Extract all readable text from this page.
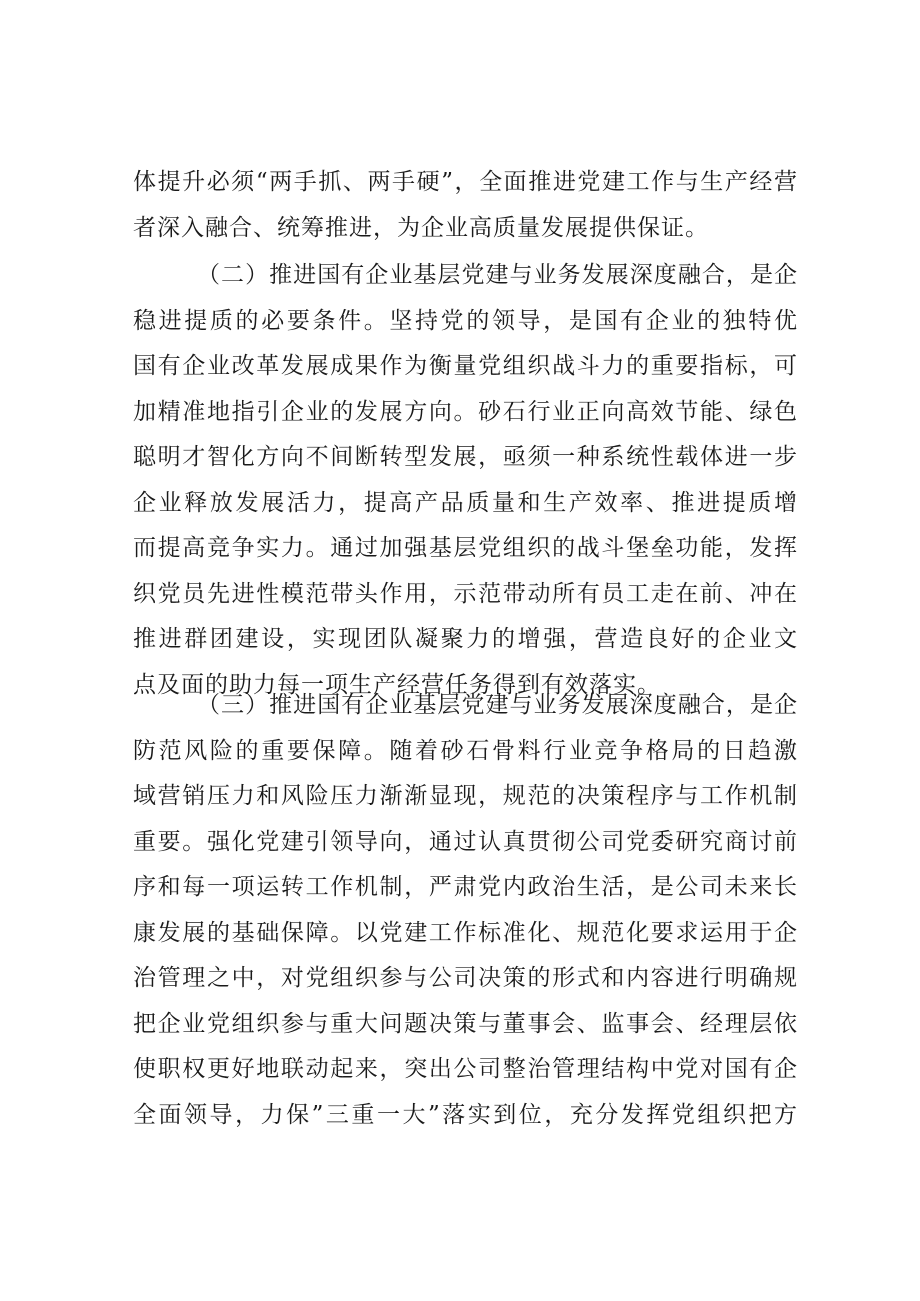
体提升必须“两手抓、两手硬”，全面推进党建工作与生产经营
者深入融合、统筹推进，为企业高质量发展提供保证。
（二）推进国有企业基层党建与业务发展深度融合，是企
稳进提质的必要条件。坚持党的领导，是国有企业的独特优
国有企业改革发展成果作为衡量党组织战斗力的重要指标，可
加精准地指引企业的发展方向。砂石行业正向高效节能、绿色
聪明才智化方向不间断转型发展，亟须一种系统性载体进一步
企业释放发展活力，提高产品质量和生产效率、推进提质增
而提高竞争实力。通过加强基层党组织的战斗堡垒功能，发挥
织党员先进性模范带头作用，示范带动所有员工走在前、冲在
推进群团建设，实现团队凝聚力的增强，营造良好的企业文
点及面的助力每一项生产经营任务得到有效落实。
（三）推进国有企业基层党建与业务发展深度融合，是企
防范风险的重要保障。随着砂石骨料行业竞争格局的日趋激
域营销压力和风险压力渐渐显现，规范的决策程序与工作机制
重要。强化党建引领导向，通过认真贯彻公司党委研究商讨前
序和每一项运转工作机制，严肃党内政治生活，是公司未来长
康发展的基础保障。以党建工作标准化、规范化要求运用于企
治管理之中，对党组织参与公司决策的形式和内容进行明确规
把企业党组织参与重大问题决策与董事会、监事会、经理层依
使职权更好地联动起来，突出公司整治管理结构中党对国有企
全面领导，力保”三重一大”落实到位，充分发挥党组织把方
